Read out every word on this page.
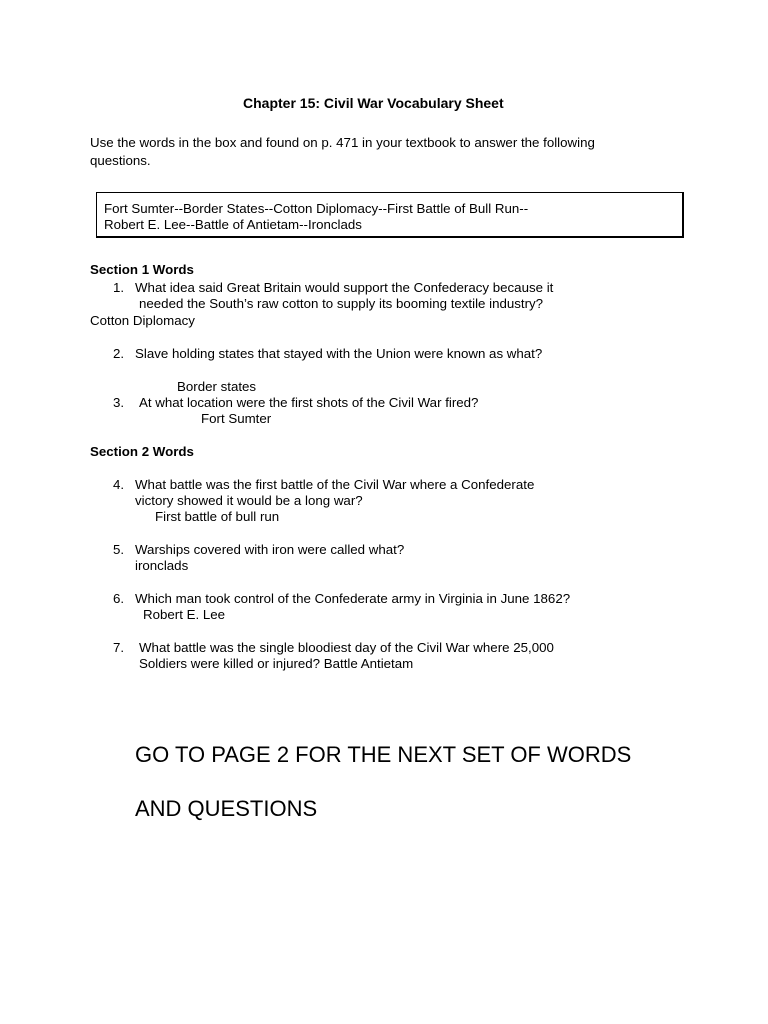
Chapter 15: Civil War Vocabulary Sheet
Use the words in the box and found on p. 471 in your textbook to answer the following
questions.
Fort Sumter--Border States--Cotton Diplomacy--First Battle of Bull Run--
Robert E. Lee--Battle of Antietam--Ironclads
Section 1 Words
1. What idea said Great Britain would support the Confederacy because it
needed the South’s raw cotton to supply its booming textile industry?
Cotton Diplomacy
2. Slave holding states that stayed with the Union were known as what?
Border states
3. At what location were the first shots of the Civil War fired?
Fort Sumter
Section 2 Words
4. What battle was the first battle of the Civil War where a Confederate
victory showed it would be a long war?
First battle of bull run
5. Warships covered with iron were called what?
ironclads
6. Which man took control of the Confederate army in Virginia in June 1862?
Robert E. Lee
7. What battle was the single bloodiest day of the Civil War where 25,000
Soldiers were killed or injured? Battle Antietam
GO TO PAGE 2 FOR THE NEXT SET OF WORDS
AND QUESTIONS
